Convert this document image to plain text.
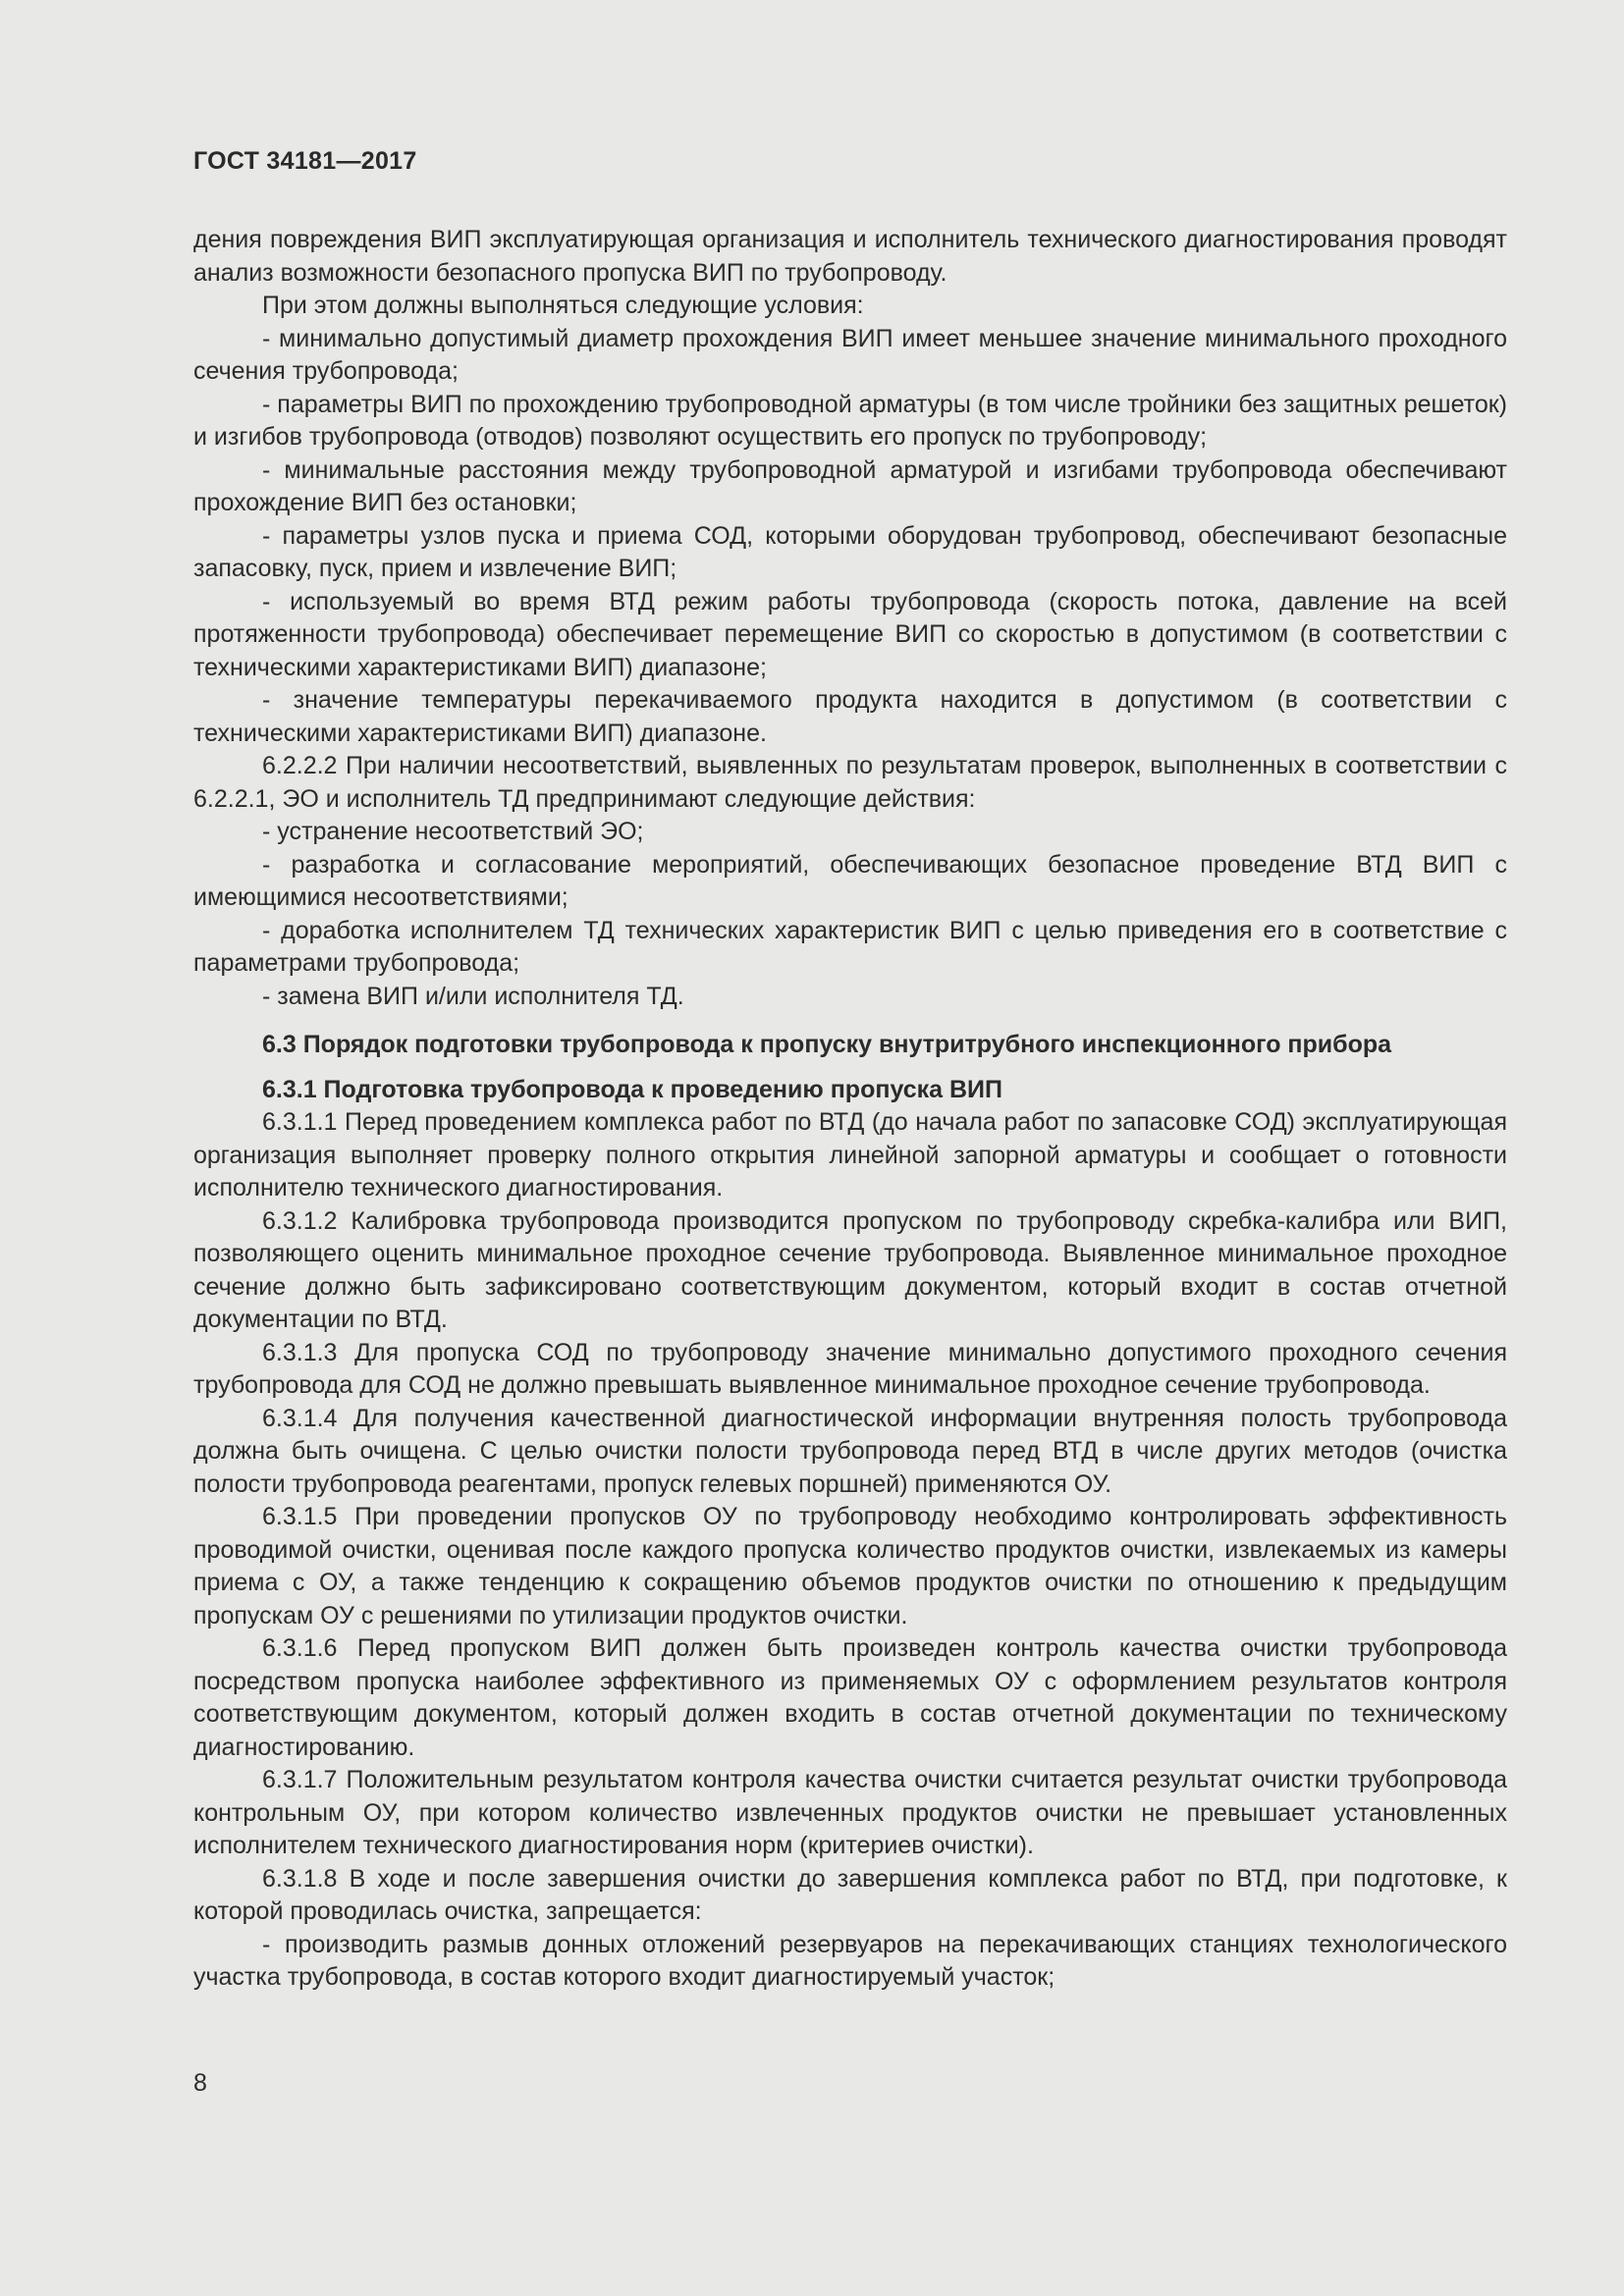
ГОСТ 34181—2017

дения повреждения ВИП эксплуатирующая организация и исполнитель технического диагностирования проводят анализ возможности безопасного пропуска ВИП по трубопроводу.

При этом должны выполняться следующие условия:

- минимально допустимый диаметр прохождения ВИП имеет меньшее значение минимального проходного сечения трубопровода;

- параметры ВИП по прохождению трубопроводной арматуры (в том числе тройники без защитных решеток) и изгибов трубопровода (отводов) позволяют осуществить его пропуск по трубопроводу;

- минимальные расстояния между трубопроводной арматурой и изгибами трубопровода обеспечивают прохождение ВИП без остановки;

- параметры узлов пуска и приема СОД, которыми оборудован трубопровод, обеспечивают безопасные запасовку, пуск, прием и извлечение ВИП;

- используемый во время ВТД режим работы трубопровода (скорость потока, давление на всей протяженности трубопровода) обеспечивает перемещение ВИП со скоростью в допустимом (в соответствии с техническими характеристиками ВИП) диапазоне;

- значение температуры перекачиваемого продукта находится в допустимом (в соответствии с техническими характеристиками ВИП) диапазоне.

6.2.2.2 При наличии несоответствий, выявленных по результатам проверок, выполненных в соответствии с 6.2.2.1, ЭО и исполнитель ТД предпринимают следующие действия:

- устранение несоответствий ЭО;

- разработка и согласование мероприятий, обеспечивающих безопасное проведение ВТД ВИП с имеющимися несоответствиями;

- доработка исполнителем ТД технических характеристик ВИП с целью приведения его в соответствие с параметрами трубопровода;

- замена ВИП и/или исполнителя ТД.

6.3 Порядок подготовки трубопровода к пропуску внутритрубного инспекционного прибора

6.3.1 Подготовка трубопровода к проведению пропуска ВИП

6.3.1.1 Перед проведением комплекса работ по ВТД (до начала работ по запасовке СОД) эксплуатирующая организация выполняет проверку полного открытия линейной запорной арматуры и сообщает о готовности исполнителю технического диагностирования.

6.3.1.2 Калибровка трубопровода производится пропуском по трубопроводу скребка-калибра или ВИП, позволяющего оценить минимальное проходное сечение трубопровода. Выявленное минимальное проходное сечение должно быть зафиксировано соответствующим документом, который входит в состав отчетной документации по ВТД.

6.3.1.3 Для пропуска СОД по трубопроводу значение минимально допустимого проходного сечения трубопровода для СОД не должно превышать выявленное минимальное проходное сечение трубопровода.

6.3.1.4 Для получения качественной диагностической информации внутренняя полость трубопровода должна быть очищена. С целью очистки полости трубопровода перед ВТД в числе других методов (очистка полости трубопровода реагентами, пропуск гелевых поршней) применяются ОУ.

6.3.1.5 При проведении пропусков ОУ по трубопроводу необходимо контролировать эффективность проводимой очистки, оценивая после каждого пропуска количество продуктов очистки, извлекаемых из камеры приема с ОУ, а также тенденцию к сокращению объемов продуктов очистки по отношению к предыдущим пропускам ОУ с решениями по утилизации продуктов очистки.

6.3.1.6 Перед пропуском ВИП должен быть произведен контроль качества очистки трубопровода посредством пропуска наиболее эффективного из применяемых ОУ с оформлением результатов контроля соответствующим документом, который должен входить в состав отчетной документации по техническому диагностированию.

6.3.1.7 Положительным результатом контроля качества очистки считается результат очистки трубопровода контрольным ОУ, при котором количество извлеченных продуктов очистки не превышает установленных исполнителем технического диагностирования норм (критериев очистки).

6.3.1.8 В ходе и после завершения очистки до завершения комплекса работ по ВТД, при подготовке, к которой проводилась очистка, запрещается:

- производить размыв донных отложений резервуаров на перекачивающих станциях технологического участка трубопровода, в состав которого входит диагностируемый участок;

8
